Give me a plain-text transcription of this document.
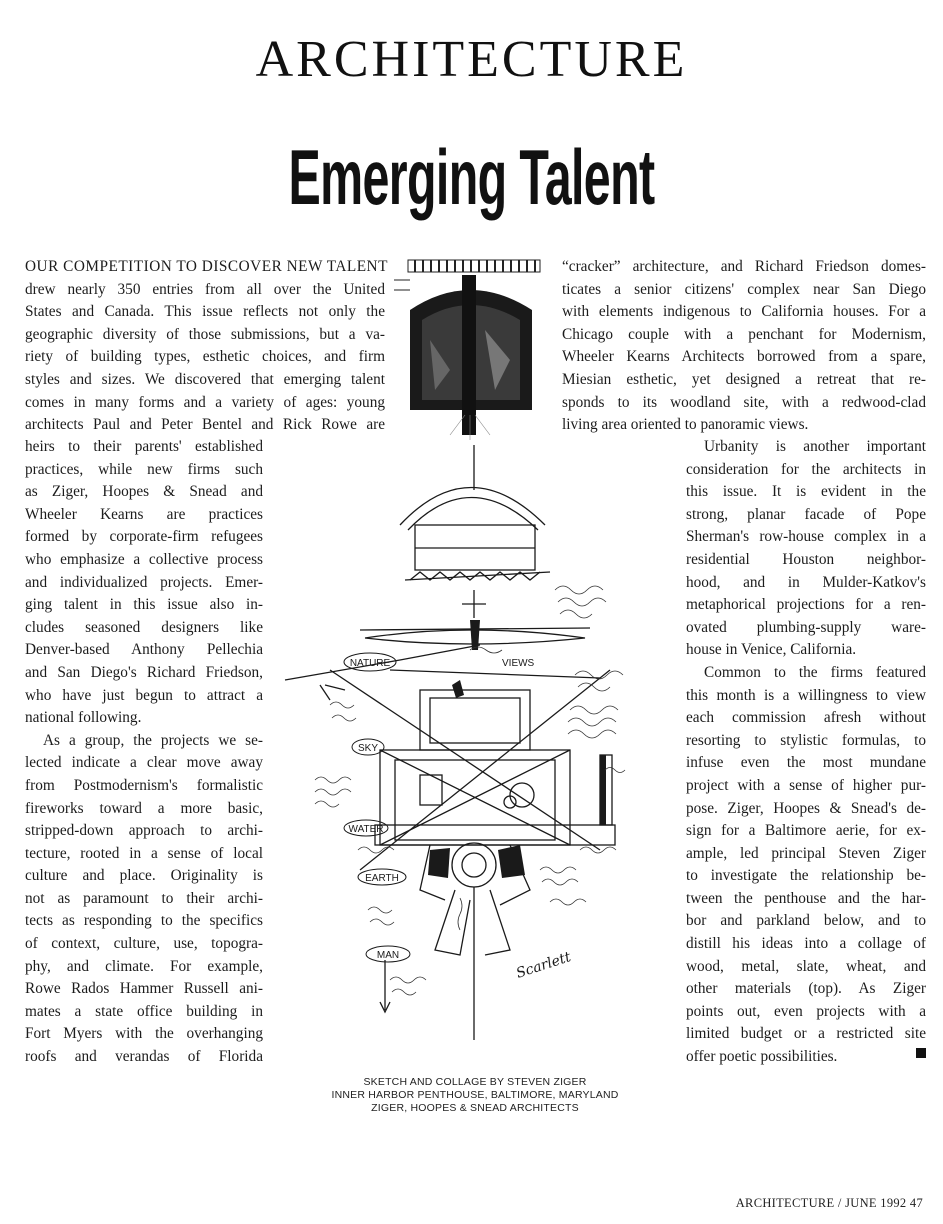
ARCHITECTURE
Emerging Talent
OUR COMPETITION TO DISCOVER NEW TALENT
drew nearly 350 entries from all over the United
States and Canada. This issue reflects not only the
geographic diversity of those submissions, but a va-
riety of building types, esthetic choices, and firm
styles and sizes. We discovered that emerging talent
comes in many forms and a variety of ages: young
architects Paul and Peter Bentel and Rick Rowe are
heirs to their parents' established
practices, while new firms such
as Ziger, Hoopes & Snead and
Wheeler Kearns are practices
formed by corporate-firm refugees
who emphasize a collective process
and individualized projects. Emer-
ging talent in this issue also in-
cludes seasoned designers like
Denver-based Anthony Pellechia
and San Diego's Richard Friedson,
who have just begun to attract a
national following.
As a group, the projects we se-
lected indicate a clear move away
from Postmodernism's formalistic
fireworks toward a more basic,
stripped-down approach to archi-
tecture, rooted in a sense of local
culture and place. Originality is
not as paramount to their archi-
tects as responding to the specifics
of context, culture, use, topogra-
phy, and climate. For example,
Rowe Rados Hammer Russell ani-
mates a state office building in
Fort Myers with the overhanging
roofs and verandas of Florida
“cracker” architecture, and Richard Friedson domes-
ticates a senior citizens' complex near San Diego
with elements indigenous to California houses. For a
Chicago couple with a penchant for Modernism,
Wheeler Kearns Architects borrowed from a spare,
Miesian esthetic, yet designed a retreat that re-
sponds to its woodland site, with a redwood-clad
living area oriented to panoramic views.
Urbanity is another important
consideration for the architects in
this issue. It is evident in the
strong, planar facade of Pope
Sherman's row-house complex in a
residential Houston neighbor-
hood, and in Mulder-Katkov's
metaphorical projections for a ren-
ovated plumbing-supply ware-
house in Venice, California.
Common to the firms featured
this month is a willingness to view
each commission afresh without
resorting to stylistic formulas, to
infuse even the most mundane
project with a sense of higher pur-
pose. Ziger, Hoopes & Snead's de-
sign for a Baltimore aerie, for ex-
ample, led principal Steven Ziger
to investigate the relationship be-
tween the penthouse and the har-
bor and parkland below, and to
distill his ideas into a collage of
wood, metal, slate, wheat, and
other materials (top). As Ziger
points out, even projects with a
limited budget or a restricted site
offer poetic possibilities.
NATURE	VIEWS
SKY
WATER
EARTH
MAN	Scarlett
SKETCH AND COLLAGE BY STEVEN ZIGER
INNER HARBOR PENTHOUSE, BALTIMORE, MARYLAND
ZIGER, HOOPES & SNEAD ARCHITECTS
ARCHITECTURE / JUNE 1992 47
